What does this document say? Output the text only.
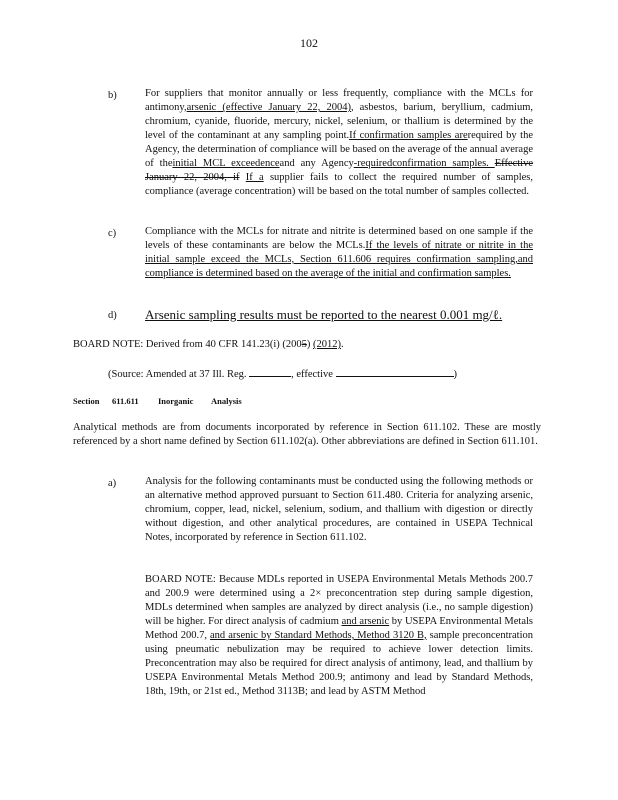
102
b)	For suppliers that monitor annually or less frequently, compliance with the MCLs for antimony,arsenic (effective January 22, 2004), asbestos, barium, beryllium, cadmium, chromium, cyanide, fluoride, mercury, nickel, selenium, or thallium is determined by the level of the contaminant at any sampling point.If confirmation samples arerequired by the Agency, the determination of compliance will be based on the average of the annual average of theinitial MCL exceedenceand any Agency-requiredconfirmation samples. Effective January 22, 2004, if If a supplier fails to collect the required number of samples, compliance (average concentration) will be based on the total number of samples collected.
c)	Compliance with the MCLs for nitrate and nitrite is determined based on one sample if the levels of these contaminants are below the MCLs.If the levels of nitrate or nitrite in the initial sample exceed the MCLs, Section 611.606 requires confirmation sampling,and compliance is determined based on the average of the initial and confirmation samples.
d) Arsenic sampling results must be reported to the nearest 0.001 mg/ℓ.
BOARD NOTE: Derived from 40 CFR 141.23(i) (2005) (2012).
(Source: Amended at 37 Ill. Reg.	, effective	)
Section 611.611 Inorganic Analysis
Analytical methods are from documents incorporated by reference in Section 611.102. These are mostly referenced by a short name defined by Section 611.102(a). Other abbreviations are defined in Section 611.101.
a)	Analysis for the following contaminants must be conducted using the following methods or an alternative method approved pursuant to Section 611.480. Criteria for analyzing arsenic, chromium, copper, lead, nickel, selenium, sodium, and thallium with digestion or directly without digestion, and other analytical procedures, are contained in USEPA Technical Notes, incorporated by reference in Section 611.102.
BOARD NOTE: Because MDLs reported in USEPA Environmental Metals Methods 200.7 and 200.9 were determined using a 2× preconcentration step during sample digestion, MDLs determined when samples are analyzed by direct analysis (i.e., no sample digestion) will be higher. For direct analysis of cadmium and arsenic by USEPA Environmental Metals Method 200.7, and arsenic by Standard Methods, Method 3120 B, sample preconcentration using pneumatic nebulization may be required to achieve lower detection limits. Preconcentration may also be required for direct analysis of antimony, lead, and thallium by USEPA Environmental Metals Method 200.9; antimony and lead by Standard Methods, 18th, 19th, or 21st ed., Method 3113B; and lead by ASTM Method
